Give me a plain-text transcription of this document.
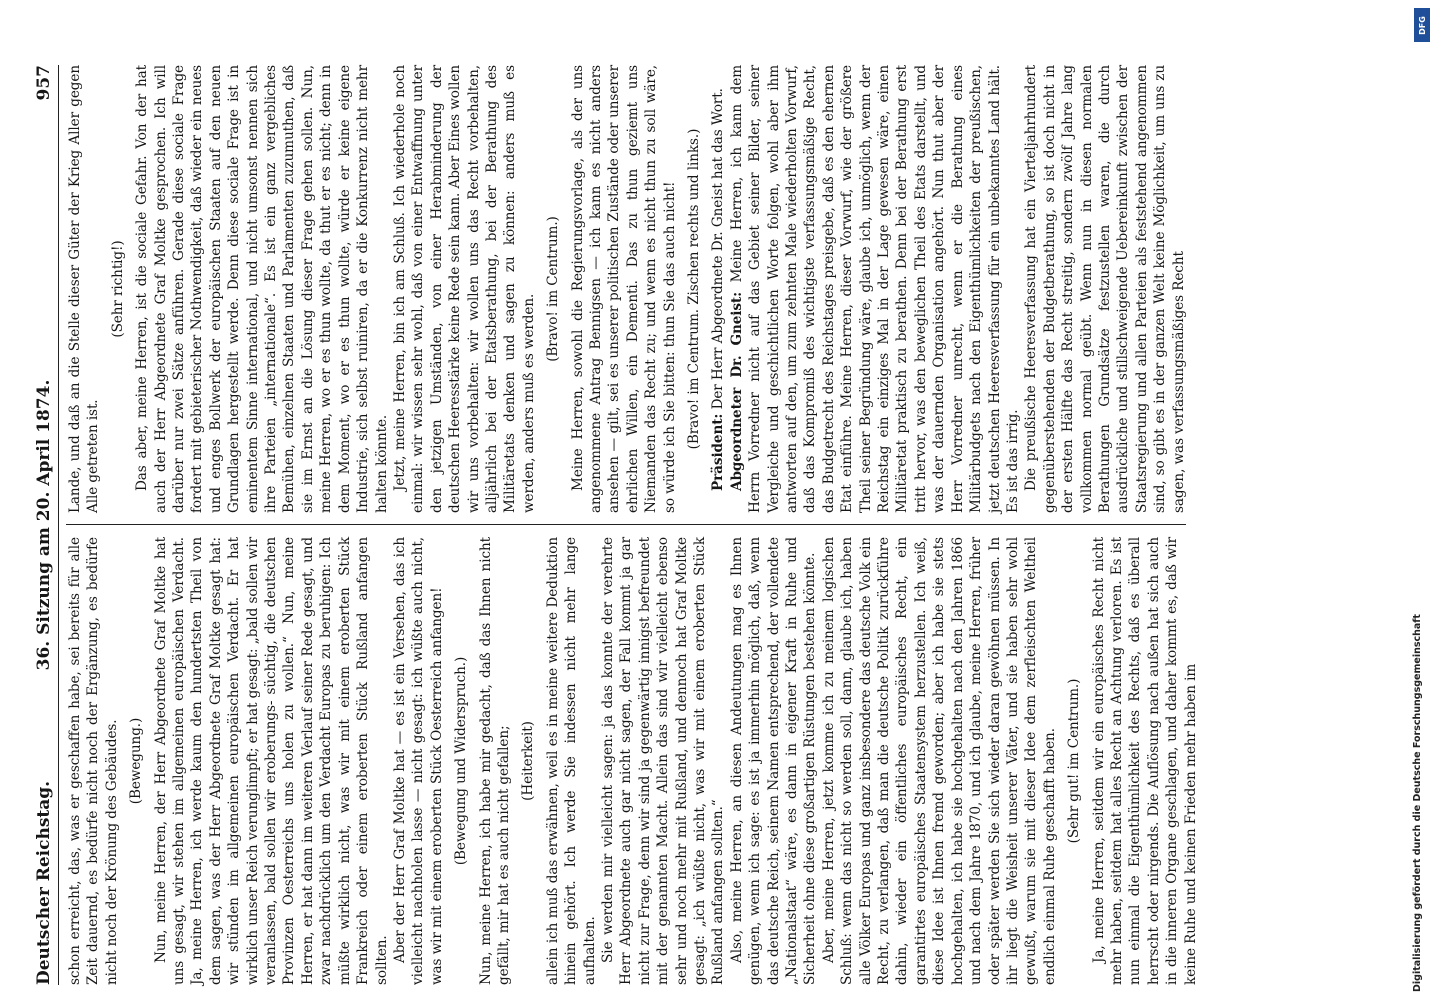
Deutscher Reichstag.
36. Sitzung am 20. April 1874.
957

schon erreicht, das, was er geschaffen habe, sei bereits für alle Zeit dauernd, es bedürfe nicht noch der Ergänzung, es bedürfe nicht noch der Krönung des Gebäudes. (Bewegung.) Nun, meine Herren, der Herr Abgeordnete Graf Moltke hat uns gesagt, wir stehen im allgemeinen europäischen Verdacht. Ja, meine Herren, ich werde kaum den hundertsten Theil von dem sagen, was der Herr Abgeordnete Graf Moltke gesagt hat: wir stünden im allgemeinen europäischen Verdacht. Er hat wirklich unser Reich verunglimpft; er hat gesagt: „bald sollen wir veranlassen, bald sollen wir eroberungs- süchtig, die deutschen Provinzen Oesterreichs uns holen zu wollen.“ Nun, meine Herren, er hat dann im weiteren Verlauf seiner Rede gesagt, und zwar nachdrücklich um den Verdacht Europas zu beruhigen: Ich müßte wirklich nicht, was wir mit einem eroberten Stück Frankreich oder einem eroberten Stück Rußland anfangen sollten. Aber der Herr Graf Moltke hat — es ist ein Versehen, das ich vielleicht nachholen lasse — nicht gesagt: ich wüßte auch nicht, was wir mit einem eroberten Stück Oesterreich anfangen! (Bewegung und Widerspruch.) Nun, meine Herren, ich habe mir gedacht, daß das Ihnen nicht gefällt, mir hat es auch nicht gefallen; (Heiterkeit) allein ich muß das erwähnen, weil es in meine weitere Deduktion hinein gehört. Ich werde Sie indessen nicht mehr lange aufhalten. Sie werden mir vielleicht sagen: ja das konnte der verehrte Herr Abgeordnete auch gar nicht sagen, der Fall kommt ja gar nicht zur Frage, denn wir sind ja gegenwärtig innigst befreundet mit der genannten Macht. Allein das sind wir vielleicht ebenso sehr und noch mehr mit Rußland, und dennoch hat Graf Moltke gesagt: „ich wüßte nicht, was wir mit einem eroberten Stück Rußland anfangen sollten.“ Also, meine Herren, an diesen Andeutungen mag es Ihnen genügen, wenn ich sage: es ist ja immerhin möglich, daß, wenn das deutsche Reich, seinem Namen entsprechend, der vollendete „Nationalstaat“ wäre, es dann in eigener Kraft in Ruhe und Sicherheit ohne diese großartigen Rüstungen bestehen könnte. Aber, meine Herren, jetzt komme ich zu meinem logischen Schluß: wenn das nicht so werden soll, dann, glaube ich, haben alle Völker Europas und ganz insbesondere das deutsche Volk ein Recht, zu verlangen, daß man die deutsche Politik zurückführe dahin, wieder ein öffentliches europäisches Recht, ein garantirtes europäisches Staatensystem herzustellen. Ich weiß, diese Idee ist Ihnen fremd geworden; aber ich habe sie stets hochgehalten, ich habe sie hochgehalten nach den Jahren 1866 und nach dem Jahre 1870, und ich glaube, meine Herren, früher oder später werden Sie sich wieder daran gewöhnen müssen. In ihr liegt die Weisheit unserer Väter, und sie haben sehr wohl gewußt, warum sie mit dieser Idee dem zerfleischten Weltheil endlich einmal Ruhe geschafft haben. (Sehr gut! im Centrum.) Ja, meine Herren, seitdem wir ein europäisches Recht nicht mehr haben, seitdem hat alles Recht an Achtung verloren. Es ist nun einmal die Eigenthümlichkeit des Rechts, daß es überall herrscht oder nirgends. Die Auflösung nach außen hat sich auch in die inneren Organe geschlagen, und daher kommt es, daß wir keine Ruhe und keinen Frieden mehr haben im

Lande, und daß an die Stelle dieser Güter der Krieg Aller gegen Alle getreten ist.

(Sehr richtig!) Das aber, meine Herren, ist die sociale Gefahr. Von der hat auch der Herr Abgeordnete Graf Moltke gesprochen. Ich will darüber nur zwei Sätze anführen. Gerade diese sociale Frage fordert mit gebieterischer Nothwendigkeit, daß wieder ein neues und enges Bollwerk der europäischen Staaten auf den neuen Grundlagen hergestellt werde. Denn diese sociale Frage ist in eminentem Sinne international, und nicht umsonst nennen sich ihre Parteien „internationale“. Es ist ein ganz vergebliches Bemühen, einzelnen Staaten und Parlamenten zuzumuthen, daß sie im Ernst an die Lösung dieser Frage gehen sollen. Nun, meine Herren, wo er es thun wollte, da thut er es nicht; denn in dem Moment, wo er es thun wollte, würde er keine eigene Industrie, sich selbst ruiniren, da er die Konkurrenz nicht mehr halten könnte. Jetzt, meine Herren, bin ich am Schluß. Ich wiederhole noch einmal: wir wissen sehr wohl, daß von einer Entwaffnung unter den jetzigen Umständen, von einer Herabminderung der deutschen Heeresstärke keine Rede sein kann. Aber Eines wollen wir uns vorbehalten: wir wollen uns das Recht vorbehalten, alljährlich bei der Etatsberathung, bei der Berathung des Militäretats denken und sagen zu können: anders muß es werden, anders muß es werden.

(Bravo! im Centrum.) Meine Herren, sowohl die Regierungsvorlage, als der uns angenommene Antrag Bennigsen — ich kann es nicht anders ansehen — gilt, sei es unserer politischen Zustände oder unserer ehrlichen Willen, ein Dementi. Das zu thun geziemt uns Niemanden das Recht zu; und wenn es nicht thun zu soll wäre, so würde ich Sie bitten: thun Sie das auch nicht! (Bravo! im Centrum. Zischen rechts und links.)

Präsident: Der Herr Abgeordnete Dr. Gneist hat das Wort. Abgeordneter Dr. Gneist: Meine Herren, ich kann dem Herrn Vorredner nicht auf das Gebiet seiner Bilder, seiner Vergleiche und geschichtlichen Worte folgen, wohl aber ihm antworten auf den, um zum zehnten Male wiederholten Vorwurf, daß das Kompromiß des wichtigste verfassungsmäßige Recht, das Budgetrecht des Reichstages preisgebe, daß es den ehernen Etat einführe. Meine Herren, dieser Vorwurf, wie der größere Theil seiner Begründung wäre, glaube ich, unmöglich, wenn der Reichstag ein einziges Mal in der Lage gewesen wäre, einen Militäretat praktisch zu berathen. Denn bei der Berathung erst tritt hervor, was den beweglichen Theil des Etats darstellt, und was der dauernden Organisation angehört. Nun thut aber der Herr Vorredner unrecht, wenn er die Berathung eines Militärbudgets nach den Eigenthümlichkeiten der preußischen, jetzt deutschen Heeresverfassung für ein unbekanntes Land hält. Es ist das irrig. Die preußische Heeresverfassung hat ein Vierteljahrhundert gegenüberstehenden der Budgetberathung, so ist doch nicht in der ersten Hälfte das Recht streitig, sondern zwölf Jahre lang vollkommen normal geübt. Wenn nun in diesen normalen Berathungen Grundsätze festzustellen waren, die durch ausdrückliche und stillschweigende Uebereinkunft zwischen der Staatsregierung und allen Parteien als feststehend angenommen sind, so gibt es in der ganzen Welt keine Möglichkeit, um uns zu sagen, was verfassungsmäßiges Recht

Digitalisierung gefördert durch die Deutsche Forschungsgemeinschaft
DFG
